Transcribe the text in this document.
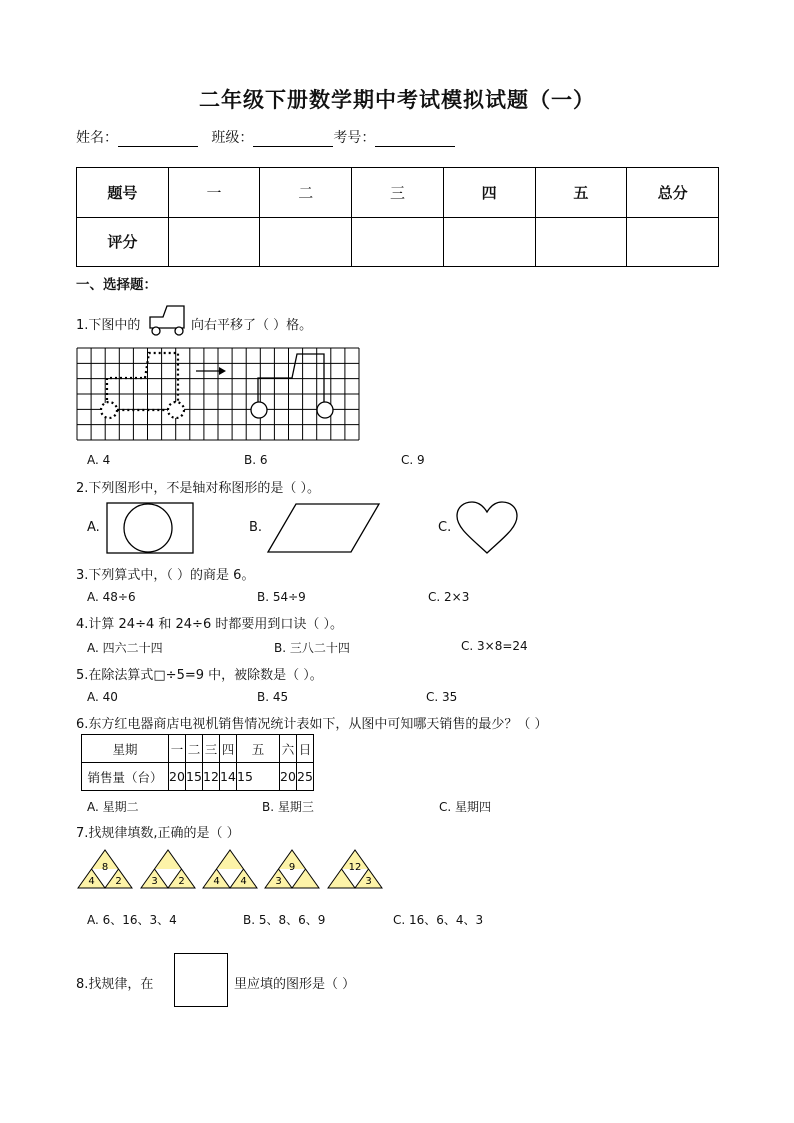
二年级下册数学期中考试模拟试题（一）
姓名：	班级：	考号：
题号	一	二	三	四	五	总分
评分						
一、选择题：
1.下图中的	向右平移了（ ）格。
A. 4	B. 6	C. 9
2.下列图形中，不是轴对称图形的是（ ）。
A.	B.	C.
3.下列算式中，（ ）的商是 6。
A. 48÷6	B. 54÷9	C. 2×3
4.计算 24÷4 和 24÷6 时都要用到口诀（ ）。
A. 四六二十四	B. 三八二十四	C. 3×8=24
5.在除法算式□÷5=9 中，被除数是（ ）。
A. 40	B. 45	C. 35
6.东方红电器商店电视机销售情况统计表如下，从图中可知哪天销售的最少？（ ）
星期	一	二	三	四	五	六	日
销售量（台）	20	15	12	14	15	20	25
A. 星期二	B. 星期三	C. 星期四
7.找规律填数,正确的是（ ）
8
4 2	3 2	4 4
9
3
12
3
A. 6、16、3、4	B. 5、8、6、9	C. 16、6、4、3
8.找规律，在	里应填的图形是（ ）
